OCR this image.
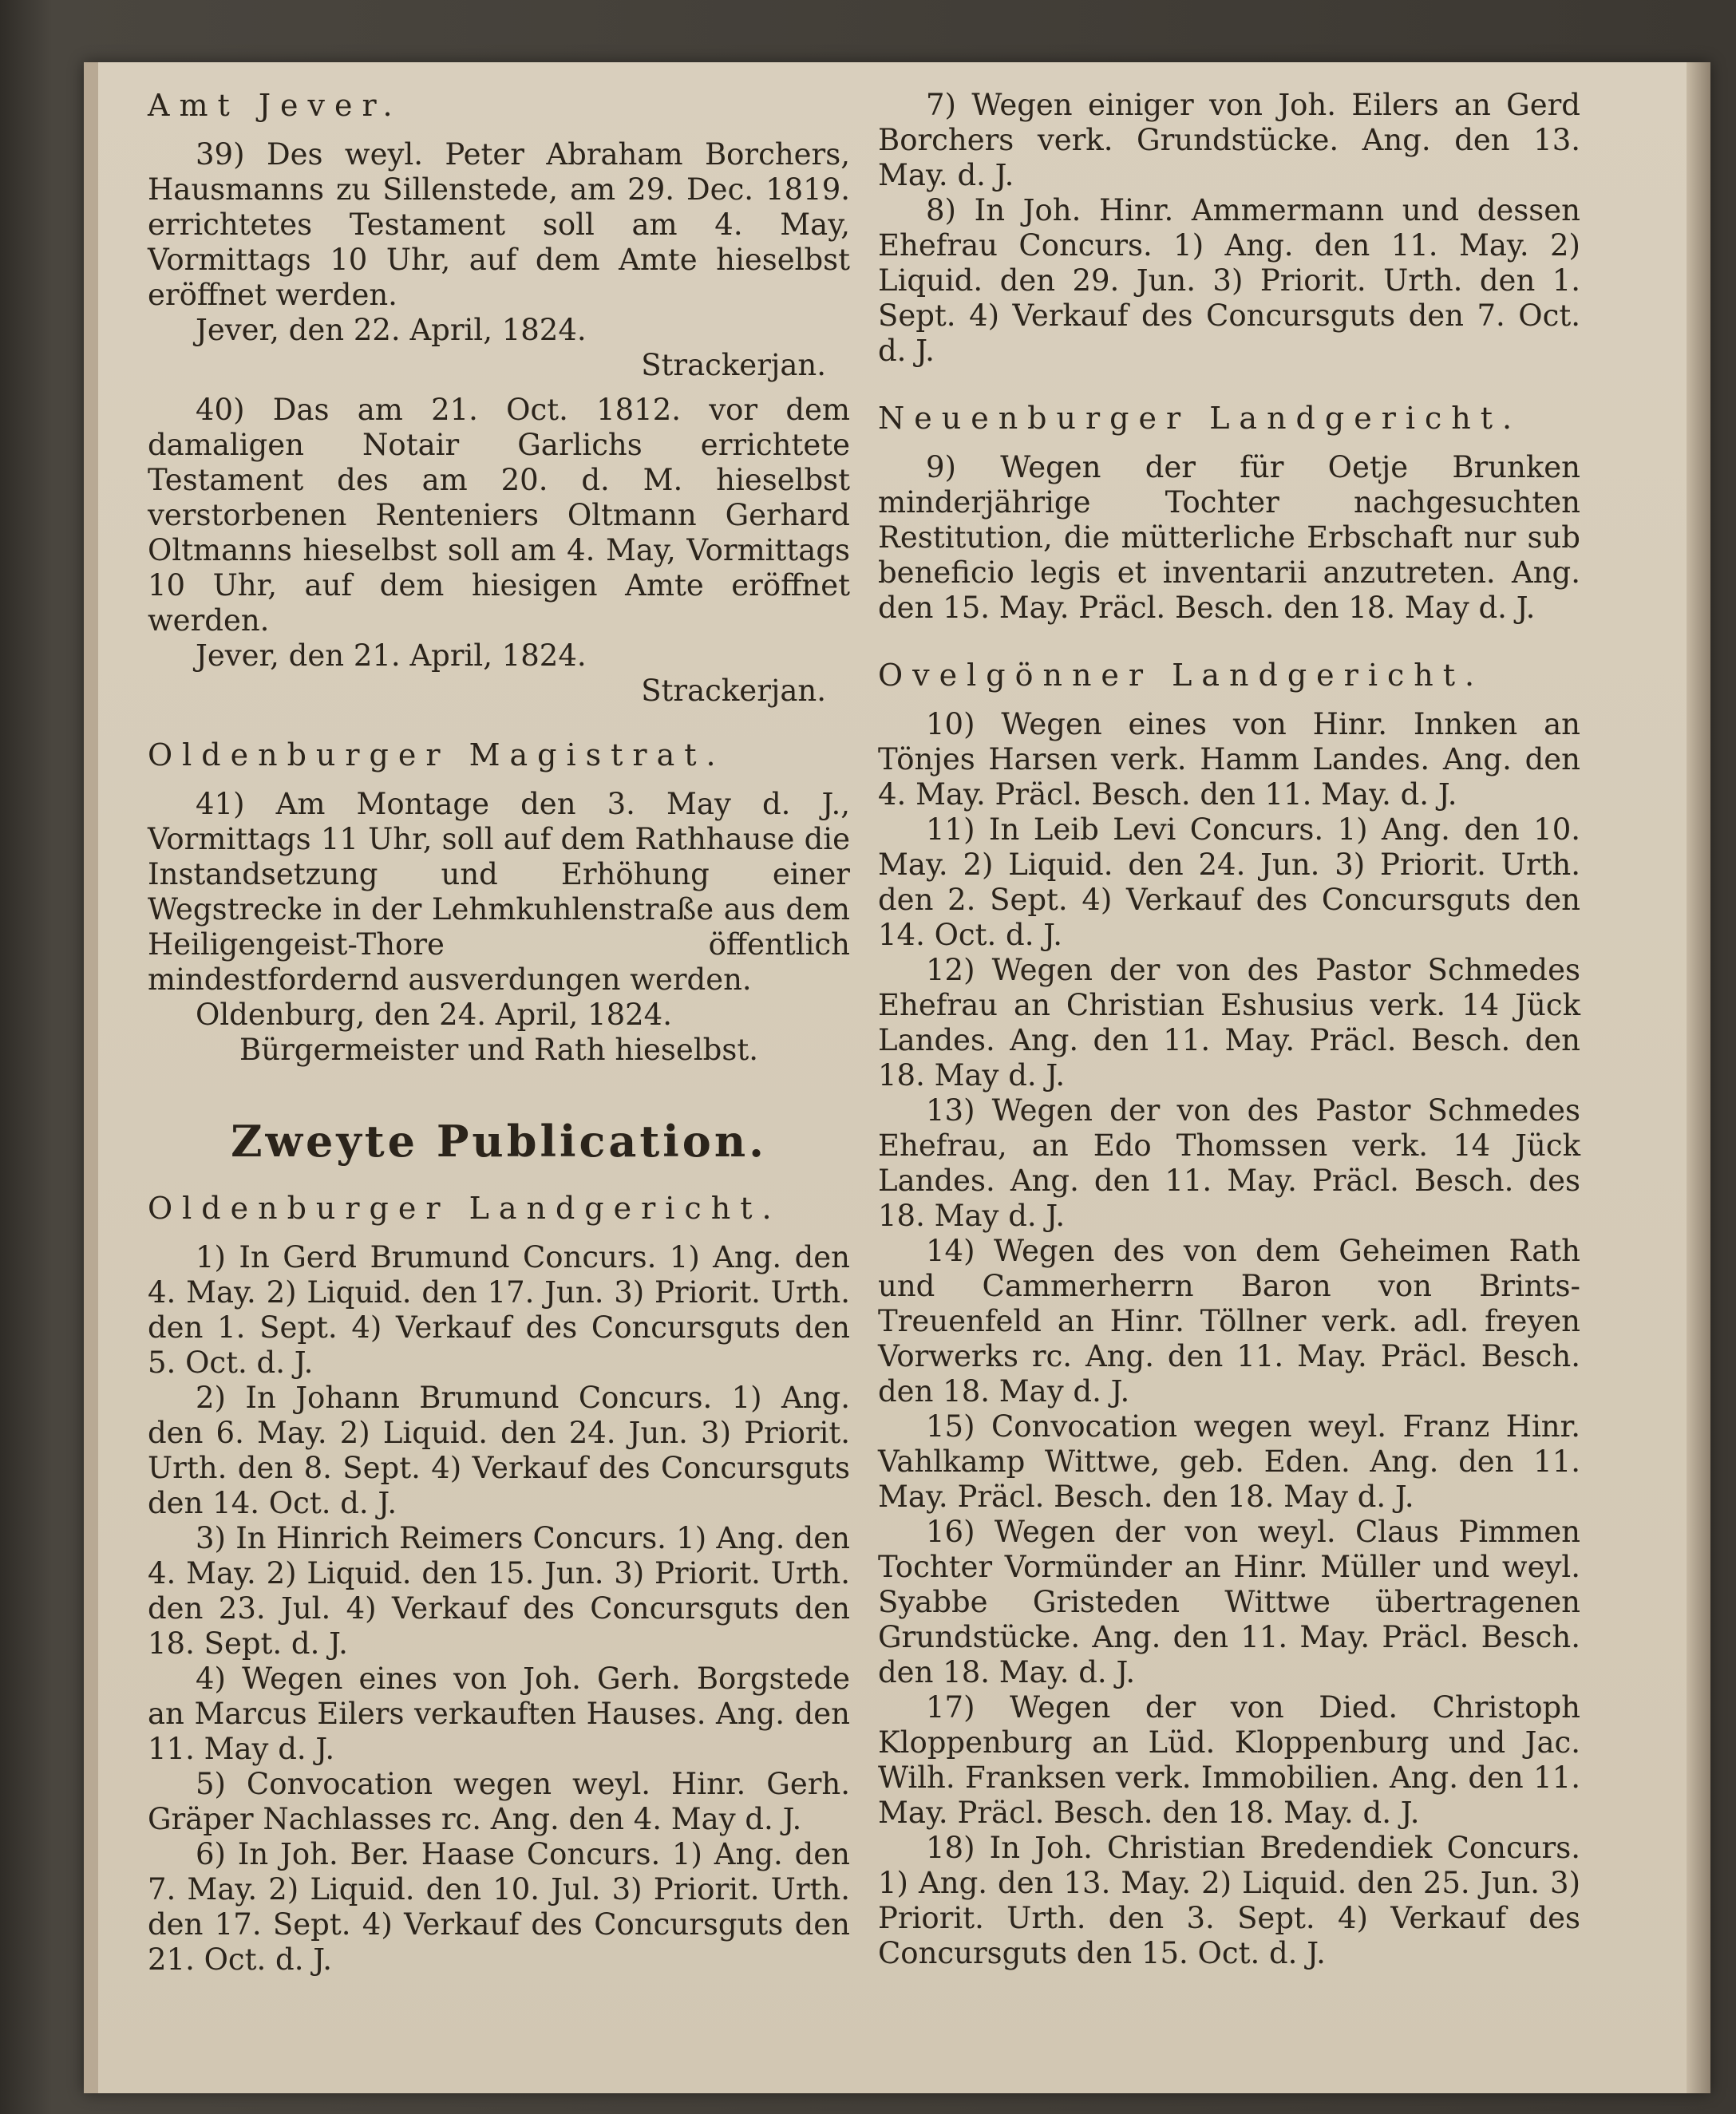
Amt Jever.

39) Des weyl. Peter Abraham Borchers, Hausmanns zu Sillenstede, am 29. Dec. 1819. errichtetes Testament soll am 4. May, Vormittags 10 Uhr, auf dem Amte hieselbst eröffnet werden.

Jever, den 22. April, 1824.

Strackerjan.

40) Das am 21. Oct. 1812. vor dem damaligen Notair Garlichs errichtete Testament des am 20. d. M. hieselbst verstorbenen Renteniers Oltmann Gerhard Oltmanns hieselbst soll am 4. May, Vormittags 10 Uhr, auf dem hiesigen Amte eröffnet werden.

Jever, den 21. April, 1824.

Strackerjan.

Oldenburger Magistrat.

41) Am Montage den 3. May d. J., Vormittags 11 Uhr, soll auf dem Rathhause die Instandsetzung und Erhöhung einer Wegstrecke in der Lehmkuhlenstraße aus dem Heiligengeist-Thore öffentlich mindestfordernd ausverdungen werden.

Oldenburg, den 24. April, 1824.

Bürgermeister und Rath hieselbst.

Zweyte Publication.
Oldenburger Landgericht.

1) In Gerd Brumund Concurs. 1) Ang. den 4. May. 2) Liquid. den 17. Jun. 3) Priorit. Urth. den 1. Sept. 4) Verkauf des Concursguts den 5. Oct. d. J.

2) In Johann Brumund Concurs. 1) Ang. den 6. May. 2) Liquid. den 24. Jun. 3) Priorit. Urth. den 8. Sept. 4) Verkauf des Concursguts den 14. Oct. d. J.

3) In Hinrich Reimers Concurs. 1) Ang. den 4. May. 2) Liquid. den 15. Jun. 3) Priorit. Urth. den 23. Jul. 4) Verkauf des Concursguts den 18. Sept. d. J.

4) Wegen eines von Joh. Gerh. Borgstede an Marcus Eilers verkauften Hauses. Ang. den 11. May d. J.

5) Convocation wegen weyl. Hinr. Gerh. Gräper Nachlasses rc. Ang. den 4. May d. J.

6) In Joh. Ber. Haase Concurs. 1) Ang. den 7. May. 2) Liquid. den 10. Jul. 3) Priorit. Urth. den 17. Sept. 4) Verkauf des Concursguts den 21. Oct. d. J.

7) Wegen einiger von Joh. Eilers an Gerd Borchers verk. Grundstücke. Ang. den 13. May. d. J.

8) In Joh. Hinr. Ammermann und dessen Ehefrau Concurs. 1) Ang. den 11. May. 2) Liquid. den 29. Jun. 3) Priorit. Urth. den 1. Sept. 4) Verkauf des Concursguts den 7. Oct. d. J.

Neuenburger Landgericht.

9) Wegen der für Oetje Brunken minderjährige Tochter nachgesuchten Restitution, die mütterliche Erbschaft nur sub beneficio legis et inventarii anzutreten. Ang. den 15. May. Präcl. Besch. den 18. May d. J.

Ovelgönner Landgericht.

10) Wegen eines von Hinr. Innken an Tönjes Harsen verk. Hamm Landes. Ang. den 4. May. Präcl. Besch. den 11. May. d. J.

11) In Leib Levi Concurs. 1) Ang. den 10. May. 2) Liquid. den 24. Jun. 3) Priorit. Urth. den 2. Sept. 4) Verkauf des Concursguts den 14. Oct. d. J.

12) Wegen der von des Pastor Schmedes Ehefrau an Christian Eshusius verk. 14 Jück Landes. Ang. den 11. May. Präcl. Besch. den 18. May d. J.

13) Wegen der von des Pastor Schmedes Ehefrau, an Edo Thomssen verk. 14 Jück Landes. Ang. den 11. May. Präcl. Besch. des 18. May d. J.

14) Wegen des von dem Geheimen Rath und Cammerherrn Baron von Brints-Treuenfeld an Hinr. Töllner verk. adl. freyen Vorwerks rc. Ang. den 11. May. Präcl. Besch. den 18. May d. J.

15) Convocation wegen weyl. Franz Hinr. Vahlkamp Wittwe, geb. Eden. Ang. den 11. May. Präcl. Besch. den 18. May d. J.

16) Wegen der von weyl. Claus Pimmen Tochter Vormünder an Hinr. Müller und weyl. Syabbe Gristeden Wittwe übertragenen Grundstücke. Ang. den 11. May. Präcl. Besch. den 18. May. d. J.

17) Wegen der von Died. Christoph Kloppenburg an Lüd. Kloppenburg und Jac. Wilh. Franksen verk. Immobilien. Ang. den 11. May. Präcl. Besch. den 18. May. d. J.

18) In Joh. Christian Bredendiek Concurs. 1) Ang. den 13. May. 2) Liquid. den 25. Jun. 3) Priorit. Urth. den 3. Sept. 4) Verkauf des Concursguts den 15. Oct. d. J.
